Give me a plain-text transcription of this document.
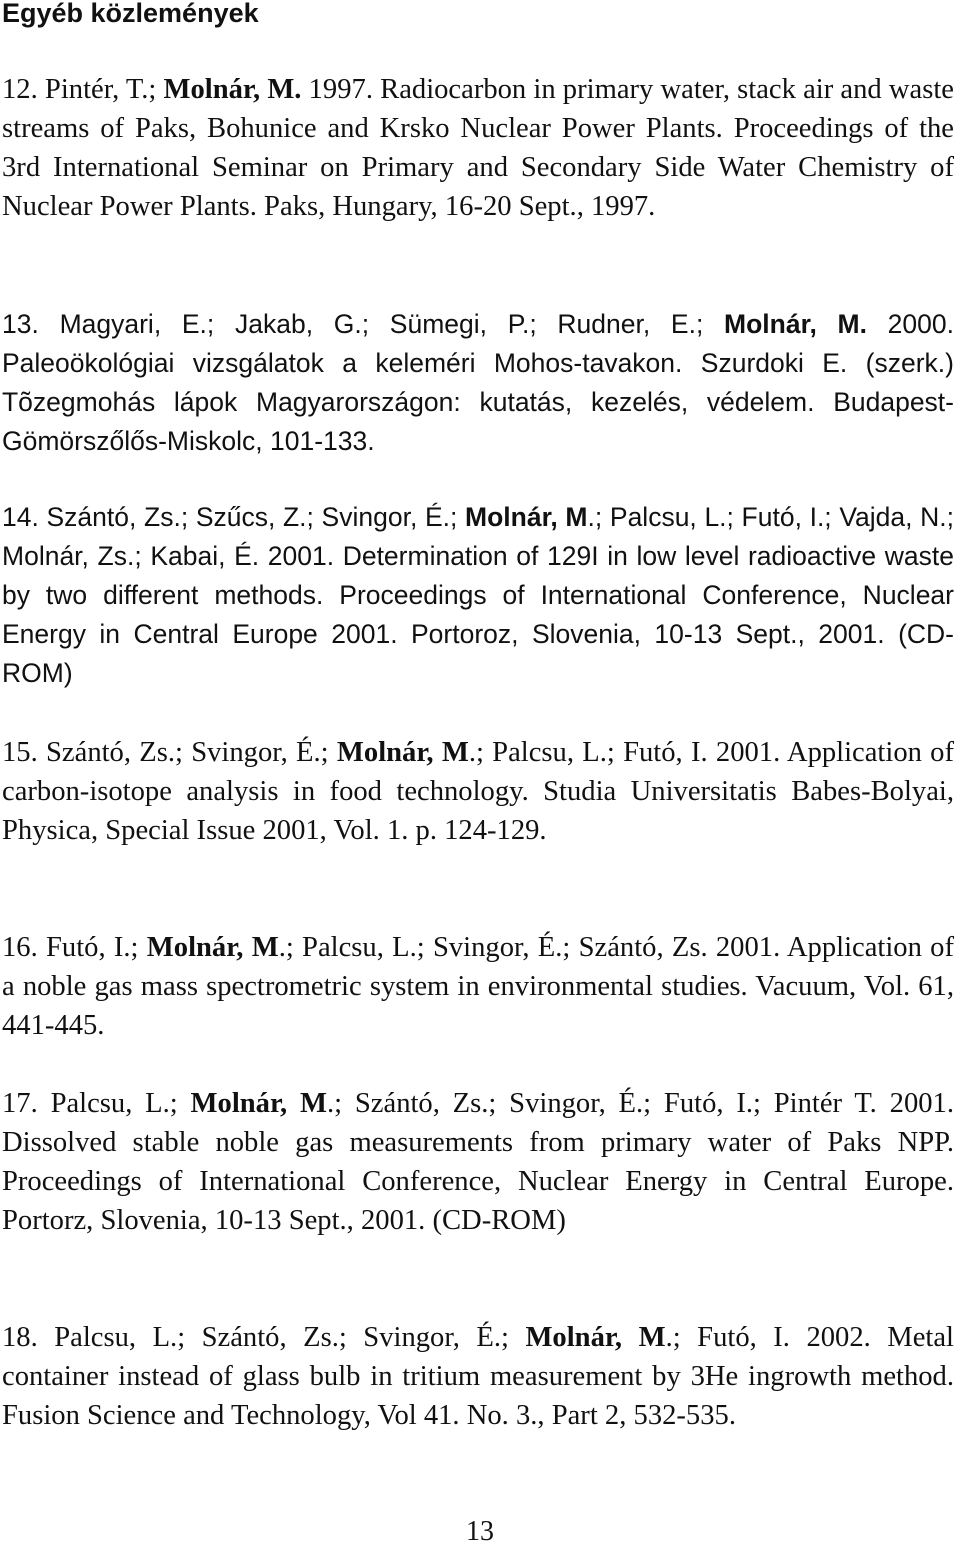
Egyéb közlemények
12. Pintér, T.; Molnár, M. 1997. Radiocarbon in primary water, stack air and waste streams of Paks, Bohunice and Krsko Nuclear Power Plants. Proceedings of the 3rd International Seminar on Primary and Secondary Side Water Chemistry of Nuclear Power Plants. Paks, Hungary, 16-20 Sept., 1997.
13. Magyari, E.; Jakab, G.; Sümegi, P.; Rudner, E.; Molnár, M. 2000. Paleoökológiai vizsgálatok a keleméri Mohos-tavakon. Szurdoki E. (szerk.) Tõzegmohás lápok Magyarországon: kutatás, kezelés, védelem. Budapest-Gömörszőlős-Miskolc, 101-133.
14. Szántó, Zs.; Szűcs, Z.; Svingor, É.; Molnár, M.; Palcsu, L.; Futó, I.; Vajda, N.; Molnár, Zs.; Kabai, É. 2001. Determination of 129I in low level radioactive waste by two different methods. Proceedings of International Conference, Nuclear Energy in Central Europe 2001. Portoroz, Slovenia, 10-13 Sept., 2001. (CD-ROM)
15. Szántó, Zs.; Svingor, É.; Molnár, M.; Palcsu, L.; Futó, I. 2001. Application of carbon-isotope analysis in food technology. Studia Universitatis Babes-Bolyai, Physica, Special Issue 2001, Vol. 1. p. 124-129.
16. Futó, I.; Molnár, M.; Palcsu, L.; Svingor, É.; Szántó, Zs. 2001. Application of a noble gas mass spectrometric system in environmental studies. Vacuum, Vol. 61, 441-445.
17. Palcsu, L.; Molnár, M.; Szántó, Zs.; Svingor, É.; Futó, I.; Pintér T. 2001. Dissolved stable noble gas measurements from primary water of Paks NPP. Proceedings of International Conference, Nuclear Energy in Central Europe. Portorz, Slovenia, 10-13 Sept., 2001. (CD-ROM)
18. Palcsu, L.; Szántó, Zs.; Svingor, É.; Molnár, M.; Futó, I. 2002. Metal container instead of glass bulb in tritium measurement by 3He ingrowth method. Fusion Science and Technology, Vol 41. No. 3., Part 2, 532-535.
13
